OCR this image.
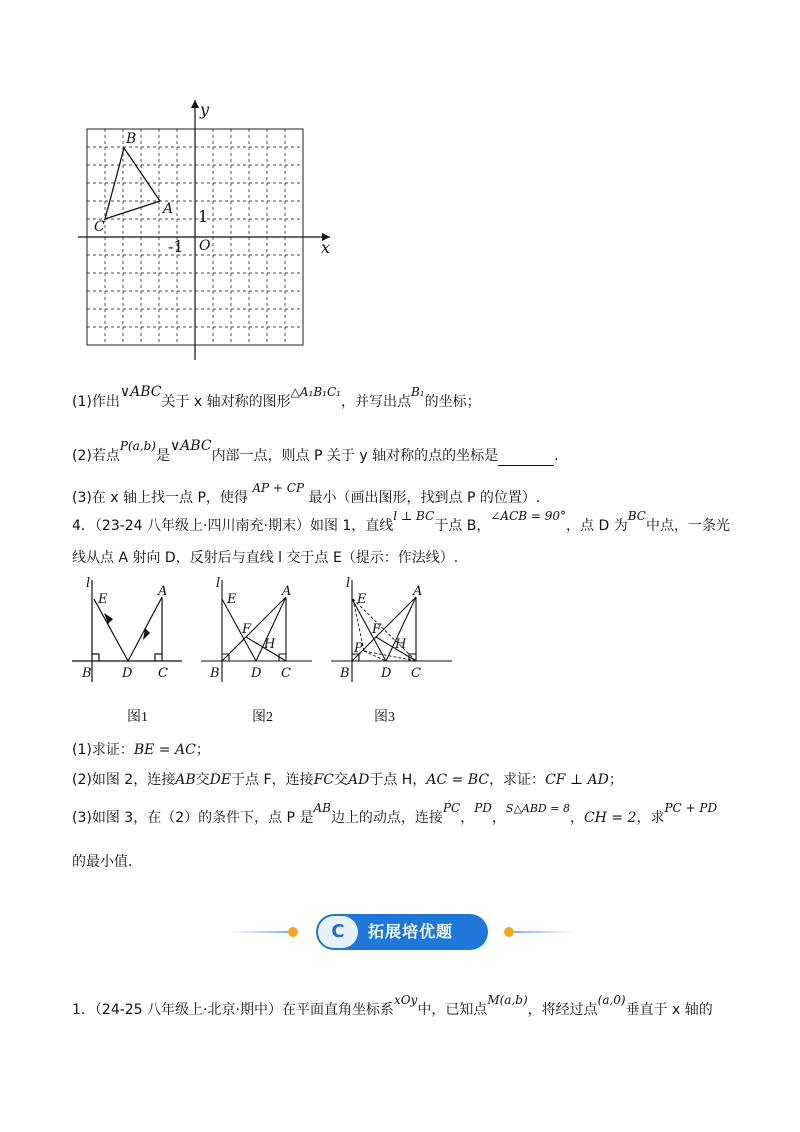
y
x
B
A
C
1
-1 O
(1)作出∨ABC关于 x 轴对称的图形△A₁B₁C₁，并写出点B₁的坐标；
(2)若点P(a,b)是∨ABC内部一点，则点 P 关于 y 轴对称的点的坐标是	.
(3)在 x 轴上找一点 P，使得 AP + CP 最小（画出图形，找到点 P 的位置）.
4．（23-24 八年级上·四川南充·期末）如图 1，直线l ⊥ BC于点 B，∠ACB = 90°，点 D 为BC中点，一条光
线从点 A 射向 D，反射后与直线 l 交于点 E（提示：作法线）.
l
E
A
B D C
图1
l
E
A
F
H
B D C
图2
l
E
A
F
H
P
B D C
图3
(1)求证：BE = AC；
(2)如图 2，连接AB交DE于点 F，连接FC交AD于点 H，AC = BC，求证：CF ⊥ AD；
(3)如图 3，在（2）的条件下，点 P 是AB边上的动点，连接PC，PD，$^{S\triangle ABD = 8}$，CH = 2，求PC + PD
的最小值.
C	拓展培优题
1．（24-25 八年级上·北京·期中）在平面直角坐标系xOy中，已知点M(a,b)，将经过点(a,0)垂直于 x 轴的
